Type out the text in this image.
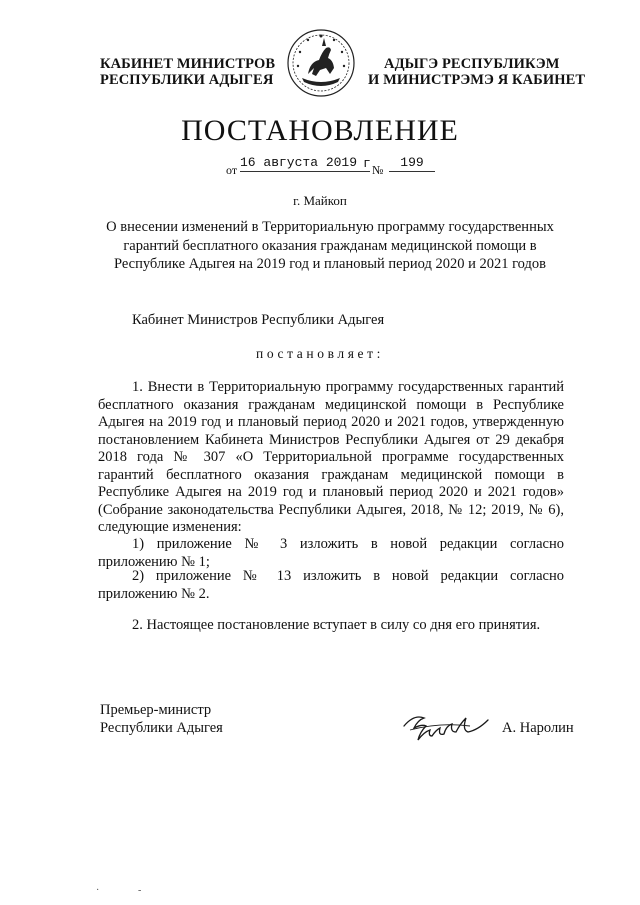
КАБИНЕТ МИНИСТРОВ
РЕСПУБЛИКИ АДЫГЕЯ
АДЫГЭ РЕСПУБЛИКЭМ
И МИНИСТРЭМЭ Я КАБИНЕТ
ПОСТАНОВЛЕНИЕ
от 16 августа 2019 г №	199
г. Майкоп
О внесении изменений в Территориальную программу государственных гарантий бесплатного оказания гражданам медицинской помощи в Республике Адыгея на 2019 год и плановый период 2020 и 2021 годов
Кабинет Министров Республики Адыгея
постановляет:
1. Внести в Территориальную программу государственных гарантий бесплатного оказания гражданам медицинской помощи в Республике Адыгея на 2019 год и плановый период 2020 и 2021 годов, утвержденную постановлением Кабинета Министров Республики Адыгея от 29 декабря 2018 года № 307 «О Территориальной программе государственных гарантий бесплатного оказания гражданам медицинской помощи в Республике Адыгея на 2019 год и плановый период 2020 и 2021 годов» (Собрание законодательства Республики Адыгея, 2018, № 12; 2019, № 6), следующие изменения:
1) приложение № 3 изложить в новой редакции согласно приложению № 1;
2) приложение № 13 изложить в новой редакции согласно приложению № 2.
2. Настоящее постановление вступает в силу со дня его принятия.
Премьер-министр
Республики Адыгея	А. Наролин
·	-
